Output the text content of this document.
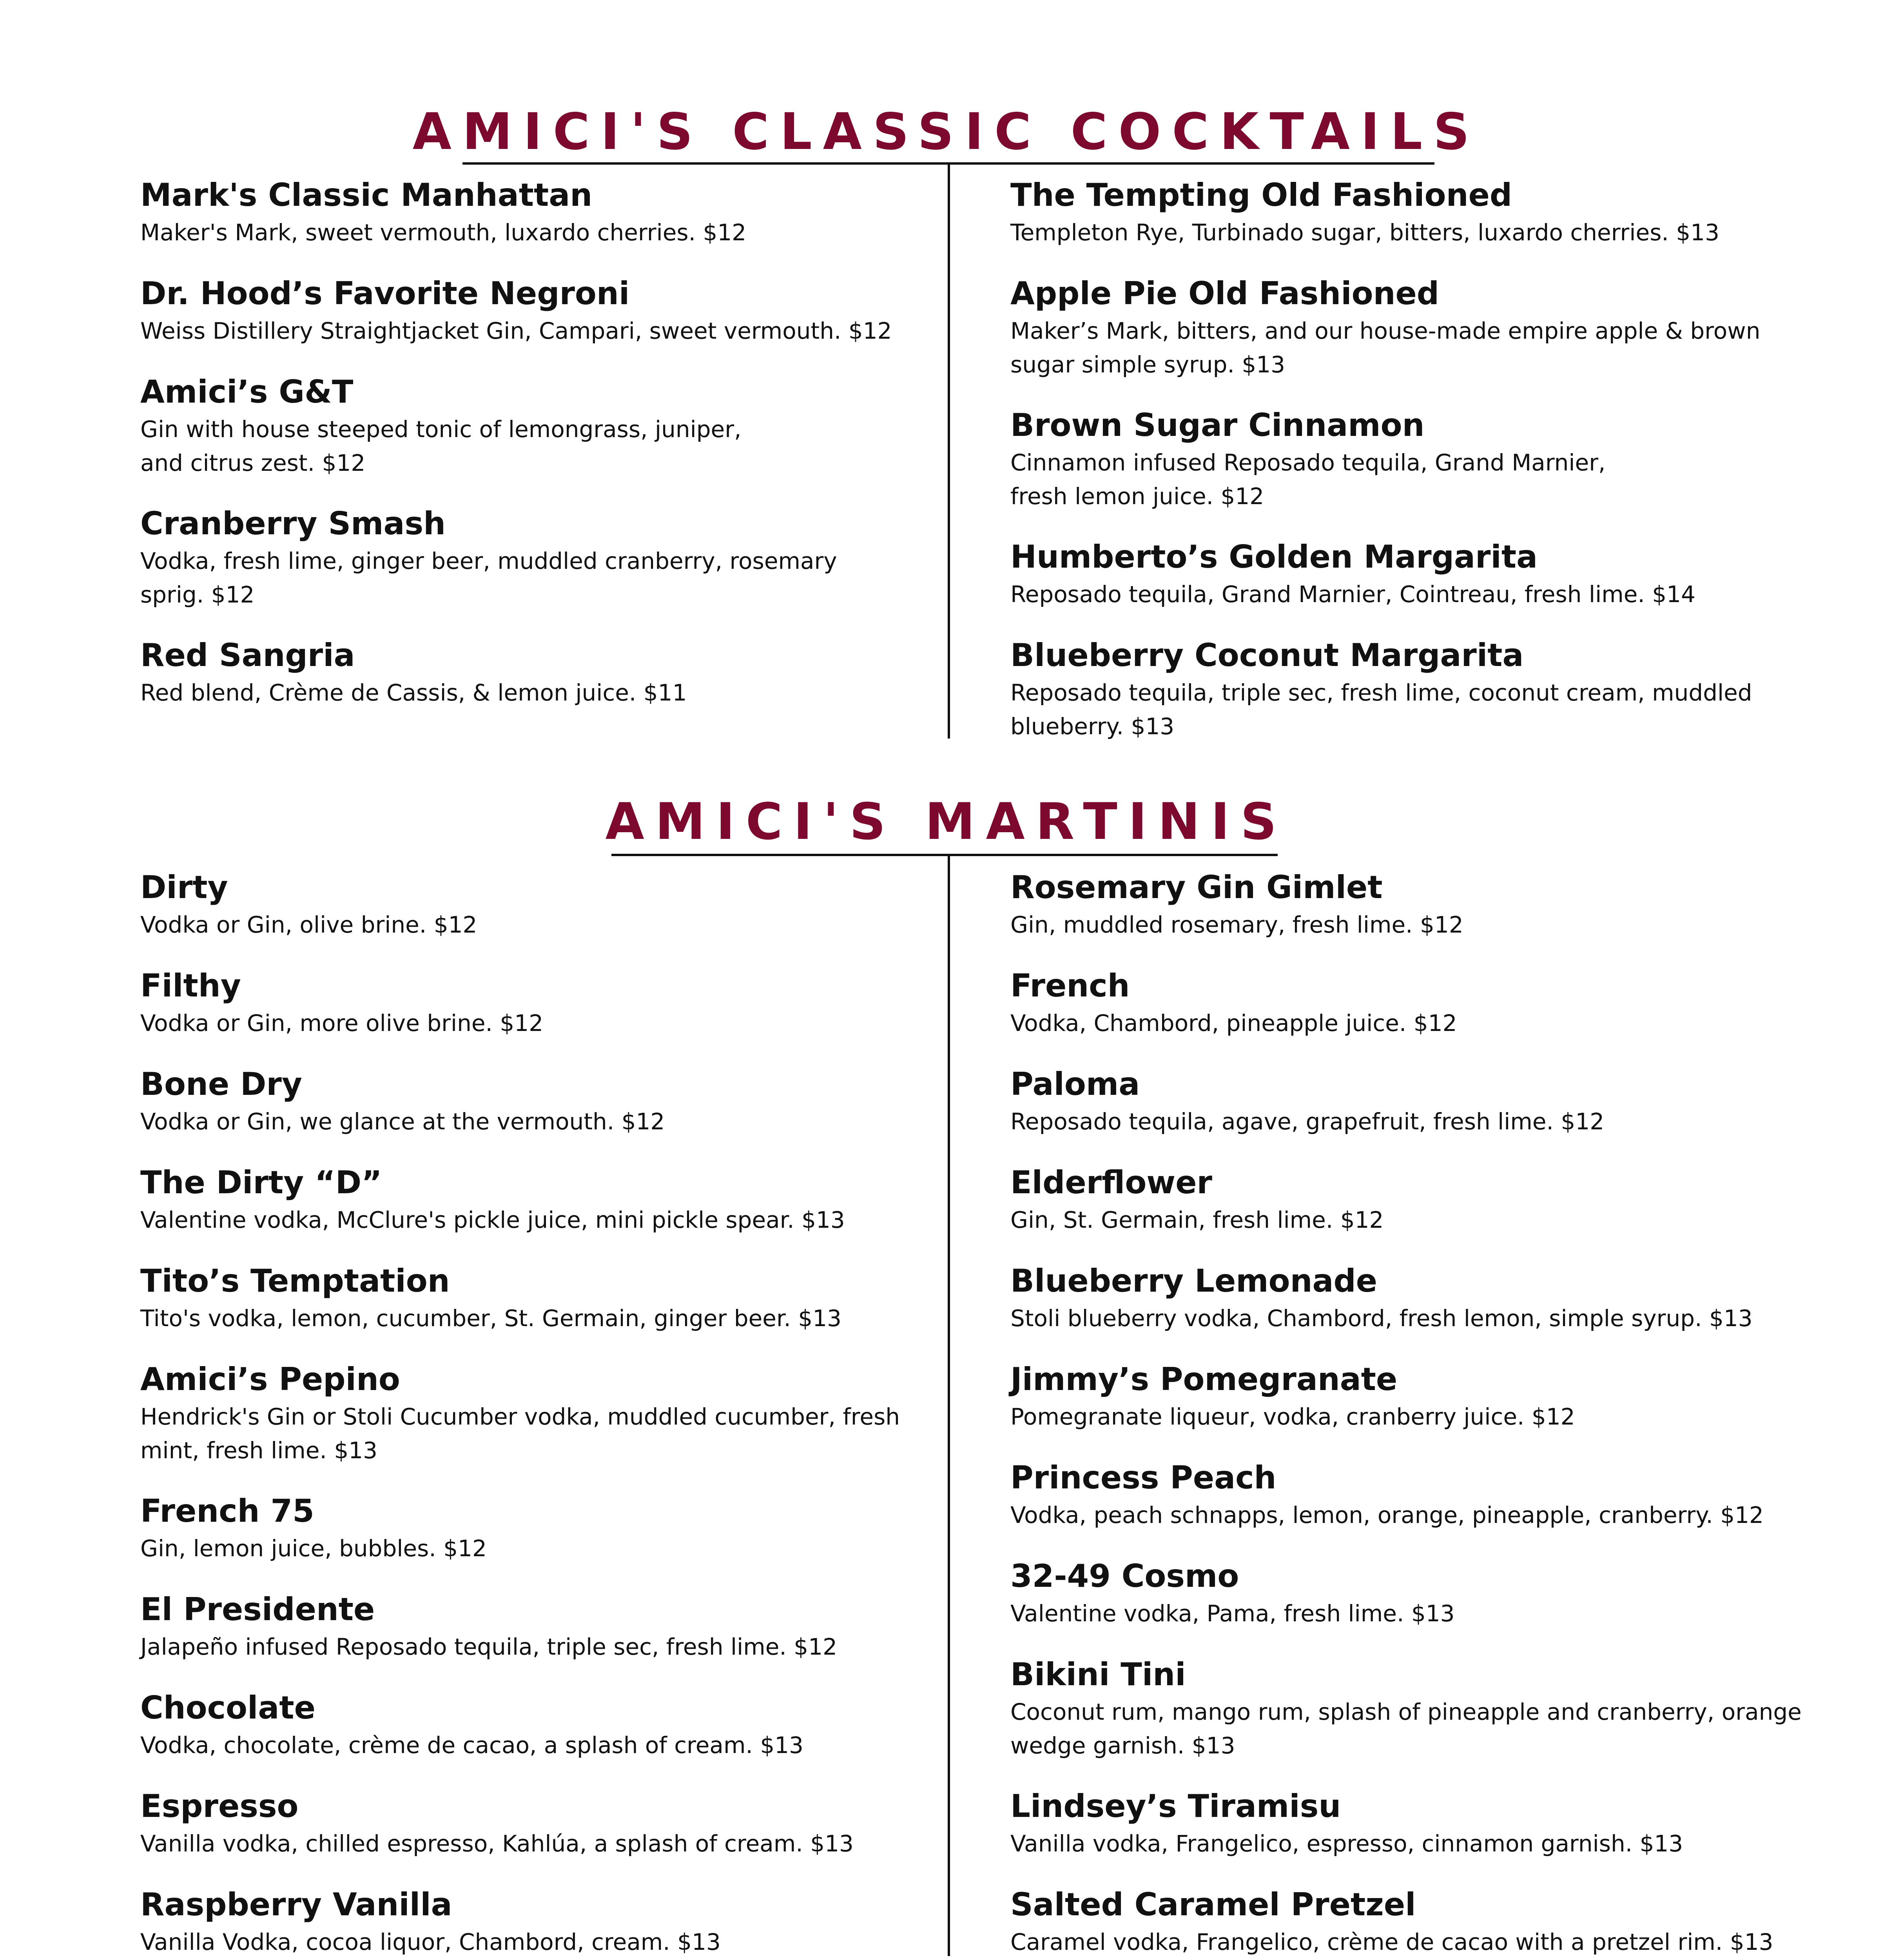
AMICI'S CLASSIC COCKTAILS
Mark's Classic Manhattan
Maker's Mark, sweet vermouth, luxardo cherries. $12
Dr. Hood’s Favorite Negroni
Weiss Distillery Straightjacket Gin, Campari, sweet vermouth. $12
Amici’s G&T
Gin with house steeped tonic of lemongrass, juniper,
and citrus zest. $12
Cranberry Smash
Vodka, fresh lime, ginger beer, muddled cranberry, rosemary
sprig. $12
Red Sangria
Red blend, Crème de Cassis, & lemon juice. $11
The Tempting Old Fashioned
Templeton Rye, Turbinado sugar, bitters, luxardo cherries. $13
Apple Pie Old Fashioned
Maker’s Mark, bitters, and our house-made empire apple & brown
sugar simple syrup. $13
Brown Sugar Cinnamon
Cinnamon infused Reposado tequila, Grand Marnier,
fresh lemon juice. $12
Humberto’s Golden Margarita
Reposado tequila, Grand Marnier, Cointreau, fresh lime. $14
Blueberry Coconut Margarita
Reposado tequila, triple sec, fresh lime, coconut cream, muddled
blueberry. $13
AMICI'S MARTINIS
Dirty
Vodka or Gin, olive brine. $12
Filthy
Vodka or Gin, more olive brine. $12
Bone Dry
Vodka or Gin, we glance at the vermouth. $12
The Dirty “D”
Valentine vodka, McClure's pickle juice, mini pickle spear. $13
Tito’s Temptation
Tito's vodka, lemon, cucumber, St. Germain, ginger beer. $13
Amici’s Pepino
Hendrick's Gin or Stoli Cucumber vodka, muddled cucumber, fresh
mint, fresh lime. $13
French 75
Gin, lemon juice, bubbles. $12
El Presidente
Jalapeño infused Reposado tequila, triple sec, fresh lime. $12
Chocolate
Vodka, chocolate, crème de cacao, a splash of cream. $13
Espresso
Vanilla vodka, chilled espresso, Kahlúa, a splash of cream. $13
Raspberry Vanilla
Vanilla Vodka, cocoa liquor, Chambord, cream. $13
Rosemary Gin Gimlet
Gin, muddled rosemary, fresh lime. $12
French
Vodka, Chambord, pineapple juice. $12
Paloma
Reposado tequila, agave, grapefruit, fresh lime. $12
Elderflower
Gin, St. Germain, fresh lime. $12
Blueberry Lemonade
Stoli blueberry vodka, Chambord, fresh lemon, simple syrup. $13
Jimmy’s Pomegranate
Pomegranate liqueur, vodka, cranberry juice. $12
Princess Peach
Vodka, peach schnapps, lemon, orange, pineapple, cranberry. $12
32-49 Cosmo
Valentine vodka, Pama, fresh lime. $13
Bikini Tini
Coconut rum, mango rum, splash of pineapple and cranberry, orange
wedge garnish. $13
Lindsey’s Tiramisu
Vanilla vodka, Frangelico, espresso, cinnamon garnish. $13
Salted Caramel Pretzel
Caramel vodka, Frangelico, crème de cacao with a pretzel rim. $13
